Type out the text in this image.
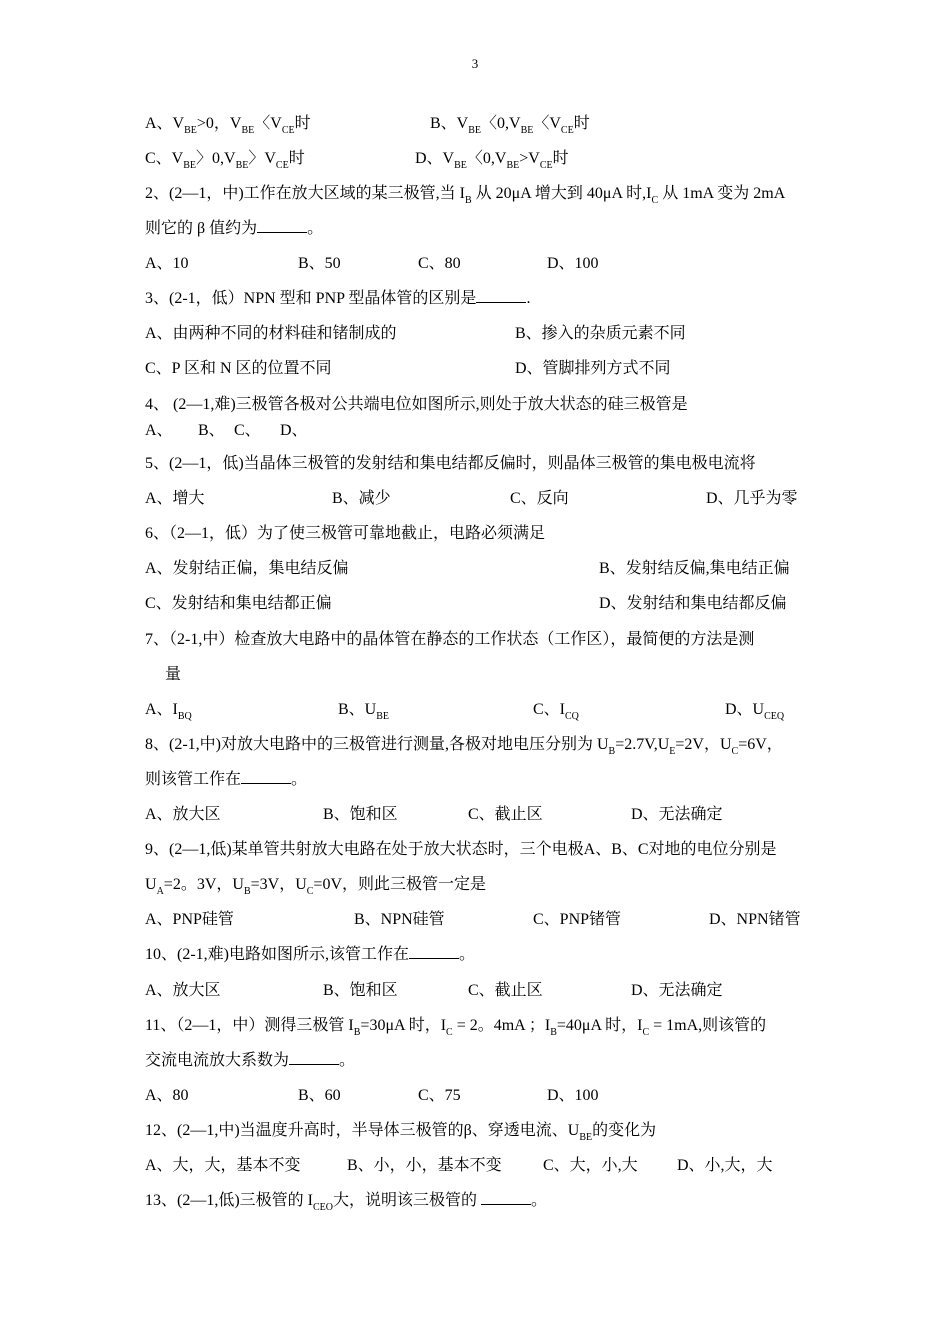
3
A、$V_{BE}>0$，$V_{BE}$〈$V_{CE}$时	B、$V_{BE}$〈$0,V_{BE}$〈$V_{CE}$时
C、$V_{BE}$〉$0,V_{BE}$〉$V_{CE}$时	D、$V_{BE}$〈$0,V_{BE}>V_{CE}$时
2、(2—1，中)工作在放大区域的某三极管,当 $I_B$ 从 20μA 增大到 40μA 时$,I_C$ 从 1mA 变为 2mA
则它的 β 值约为	。
A、10	B、50	C、80	D、100
3、(2-1，低）NPN 型和 PNP 型晶体管的区别是	.
A、由两种不同的材料硅和锗制成的	B、掺入的杂质元素不同
C、P 区和 N 区的位置不同	D、管脚排列方式不同
4、 (2—1,难)三极管各极对公共端电位如图所示,则处于放大状态的硅三极管是
A、 B、 C、 D、
5、(2—1，低)当晶体三极管的发射结和集电结都反偏时，则晶体三极管的集电极电流将
A、增大	B、减少	C、反向	D、几乎为零
6、（2—1，低）为了使三极管可靠地截止，电路必须满足
A、发射结正偏，集电结反偏	B、发射结反偏,集电结正偏
C、发射结和集电结都正偏	D、发射结和集电结都反偏
7、（2-1,中）检查放大电路中的晶体管在静态的工作状态（工作区），最简便的方法是测
量
A、$I_{BQ}$	B、$U_{BE}$	C、$I_{CQ}$	D、$U_{CEQ}$
8、(2-1,中)对放大电路中的三极管进行测量,各极对地电压分别为 $U_B=2.7V,U_E=2V$，$U_C=6V$，
则该管工作在	。
A、放大区	B、饱和区	C、截止区	D、无法确定
9、(2—1,低)某单管共射放大电路在处于放大状态时，三个电极A、B、C对地的电位分别是
$U_A=2$。3V，$U_B=3V$，$U_C=0V$，则此三极管一定是
A、PNP硅管	B、NPN硅管	C、PNP锗管	D、NPN锗管
10、(2-1,难)电路如图所示,该管工作在	。
A、放大区	B、饱和区	C、截止区	D、无法确定
11、（2—1，中）测得三极管 $I_B=30\mu A$ 时，$I_C = 2$。4mA ；$I_B=40\mu A$ 时，$I_C = 1mA$,则该管的
交流电流放大系数为	。
A、80	B、60	C、75	D、100
12、(2—1,中)当温度升高时，半导体三极管的β、穿透电流、$U_{BE}$的变化为
A、大，大，基本不变	B、小，小，基本不变	C、大，小,大 D、小,大，大
13、(2—1,低)三极管的 $I_{CEO}$大，说明该三极管的	。
